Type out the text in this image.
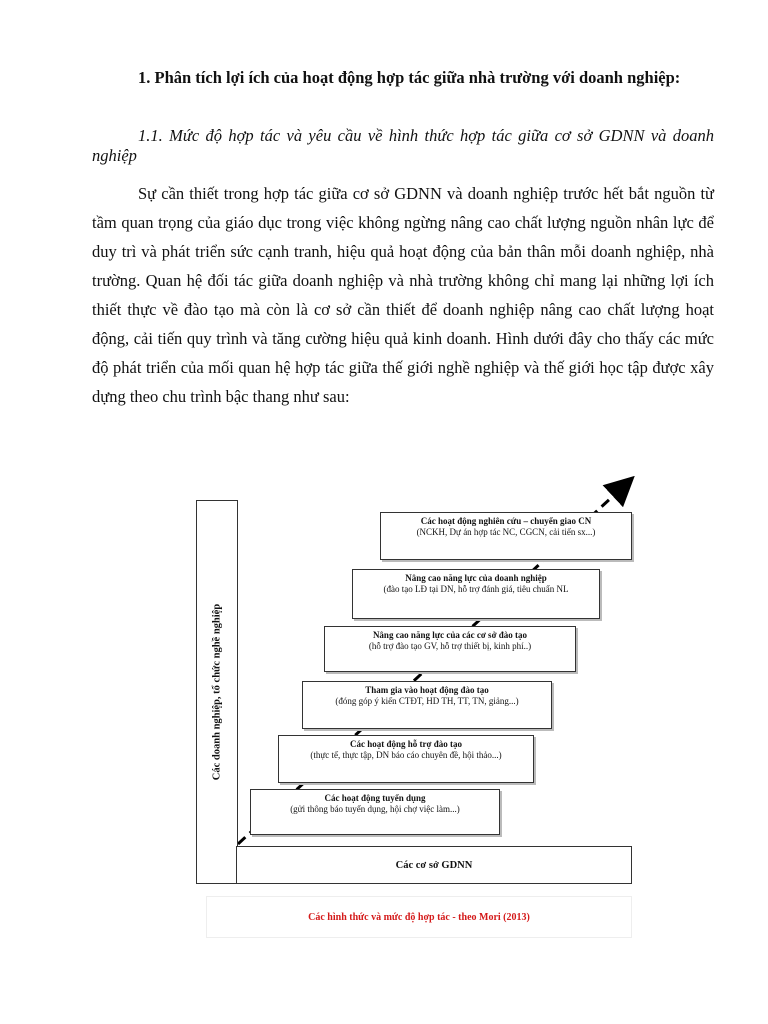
1. Phân tích lợi ích của hoạt động hợp tác giữa nhà trường với doanh nghiệp:

1.1. Mức độ hợp tác và yêu cầu về hình thức hợp tác giữa cơ sở GDNN và doanh nghiệp

Sự cần thiết trong hợp tác giữa cơ sở GDNN và doanh nghiệp trước hết bắt nguồn từ tầm quan trọng của giáo dục trong việc không ngừng nâng cao chất lượng nguồn nhân lực để duy trì và phát triển sức cạnh tranh, hiệu quả hoạt động của bản thân mỗi doanh nghiệp, nhà trường. Quan hệ đối tác giữa doanh nghiệp và nhà trường không chỉ mang lại những lợi ích thiết thực về đào tạo mà còn là cơ sở cần thiết để doanh nghiệp nâng cao chất lượng hoạt động, cải tiến quy trình và tăng cường hiệu quả kinh doanh. Hình dưới đây cho thấy các mức độ phát triển của mối quan hệ hợp tác giữa thế giới nghề nghiệp và thế giới học tập được xây dựng theo chu trình bậc thang như sau:

Các doanh nghiệp, tổ chức nghề nghiệp
Các cơ sở GDNN
Các hoạt động tuyển dụng
(gửi thông báo tuyển dụng, hội chợ việc làm...)
Các hoạt động hỗ trợ đào tạo
(thực tế, thực tập, DN báo cáo chuyên đề, hội thảo...)
Tham gia vào hoạt động đào tạo
(đóng góp ý kiến CTĐT, HD TH, TT, TN, giảng...)
Nâng cao năng lực của các cơ sở đào tạo
(hỗ trợ đào tạo GV, hỗ trợ thiết bị, kinh phí..)
Nâng cao năng lực của doanh nghiệp
(đào tạo LĐ tại DN, hỗ trợ đánh giá, tiêu chuẩn NL
Các hoạt động nghiên cứu – chuyển giao CN
(NCKH, Dự án hợp tác NC, CGCN, cải tiến sx...)
Các hình thức và mức độ hợp tác - theo Mori (2013)
